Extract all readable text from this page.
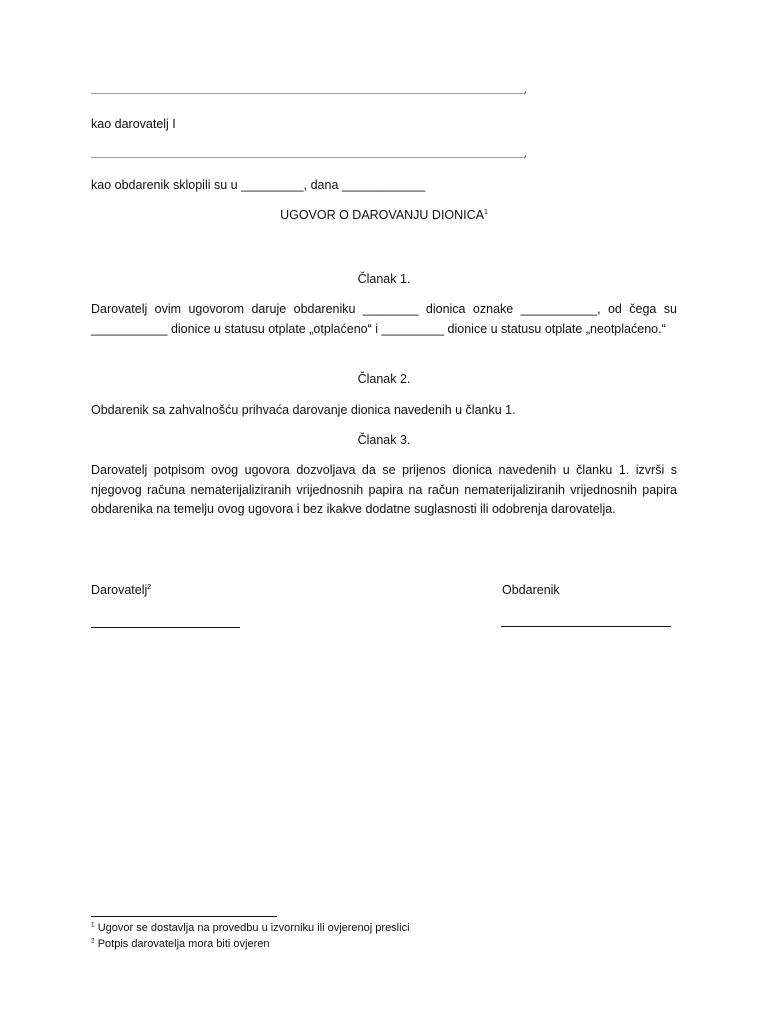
________________________________________________________________________________,
kao darovatelj I
________________________________________________________________________________,
kao obdarenik sklopili su u _________, dana ____________
UGOVOR O DAROVANJU DIONICA$^1$
Članak 1.
Darovatelj ovim ugovorom daruje obdareniku ________ dionica oznake ___________, od čega su ___________ dionice u statusu otplate „otplaćeno“ i _________ dionice u statusu otplate „neotplaćeno.“
Članak 2.
Obdarenik sa zahvalnošću prihvaća darovanje dionica navedenih u članku 1.
Članak 3.
Darovatelj potpisom ovog ugovora dozvoljava da se prijenos dionica navedenih u članku 1. izvrši s njegovog računa nematerijaliziranih vrijednosnih papira na račun nematerijaliziranih vrijednosnih papira obdarenika na temelju ovog ugovora i bez ikakve dodatne suglasnosti ili odobrenja darovatelja.
Darovatelj$^2$	Obdarenik
$^1$ Ugovor se dostavlja na provedbu u izvorniku ili ovjerenoj preslici
$^2$ Potpis darovatelja mora biti ovjeren
